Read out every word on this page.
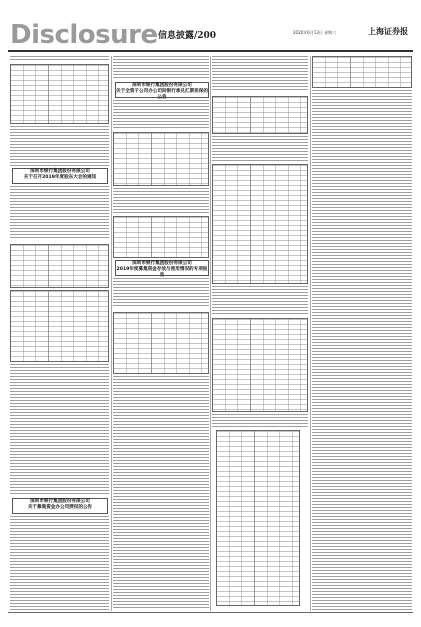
Disclosure 信息披露/200	2020年6月13日 星期六	上海证券报
深圳市银行集团股份有限公司
关于召开2019年度股东大会的通知
深圳市银行集团股份有限公司
关于募集资金办公司授权的公告
深圳市银行集团股份有限公司
关于全资子公司办公司间银行承兑汇票担保的公告
深圳市银行集团股份有限公司
2019年度募集资金存放与使用情况的专项报告
